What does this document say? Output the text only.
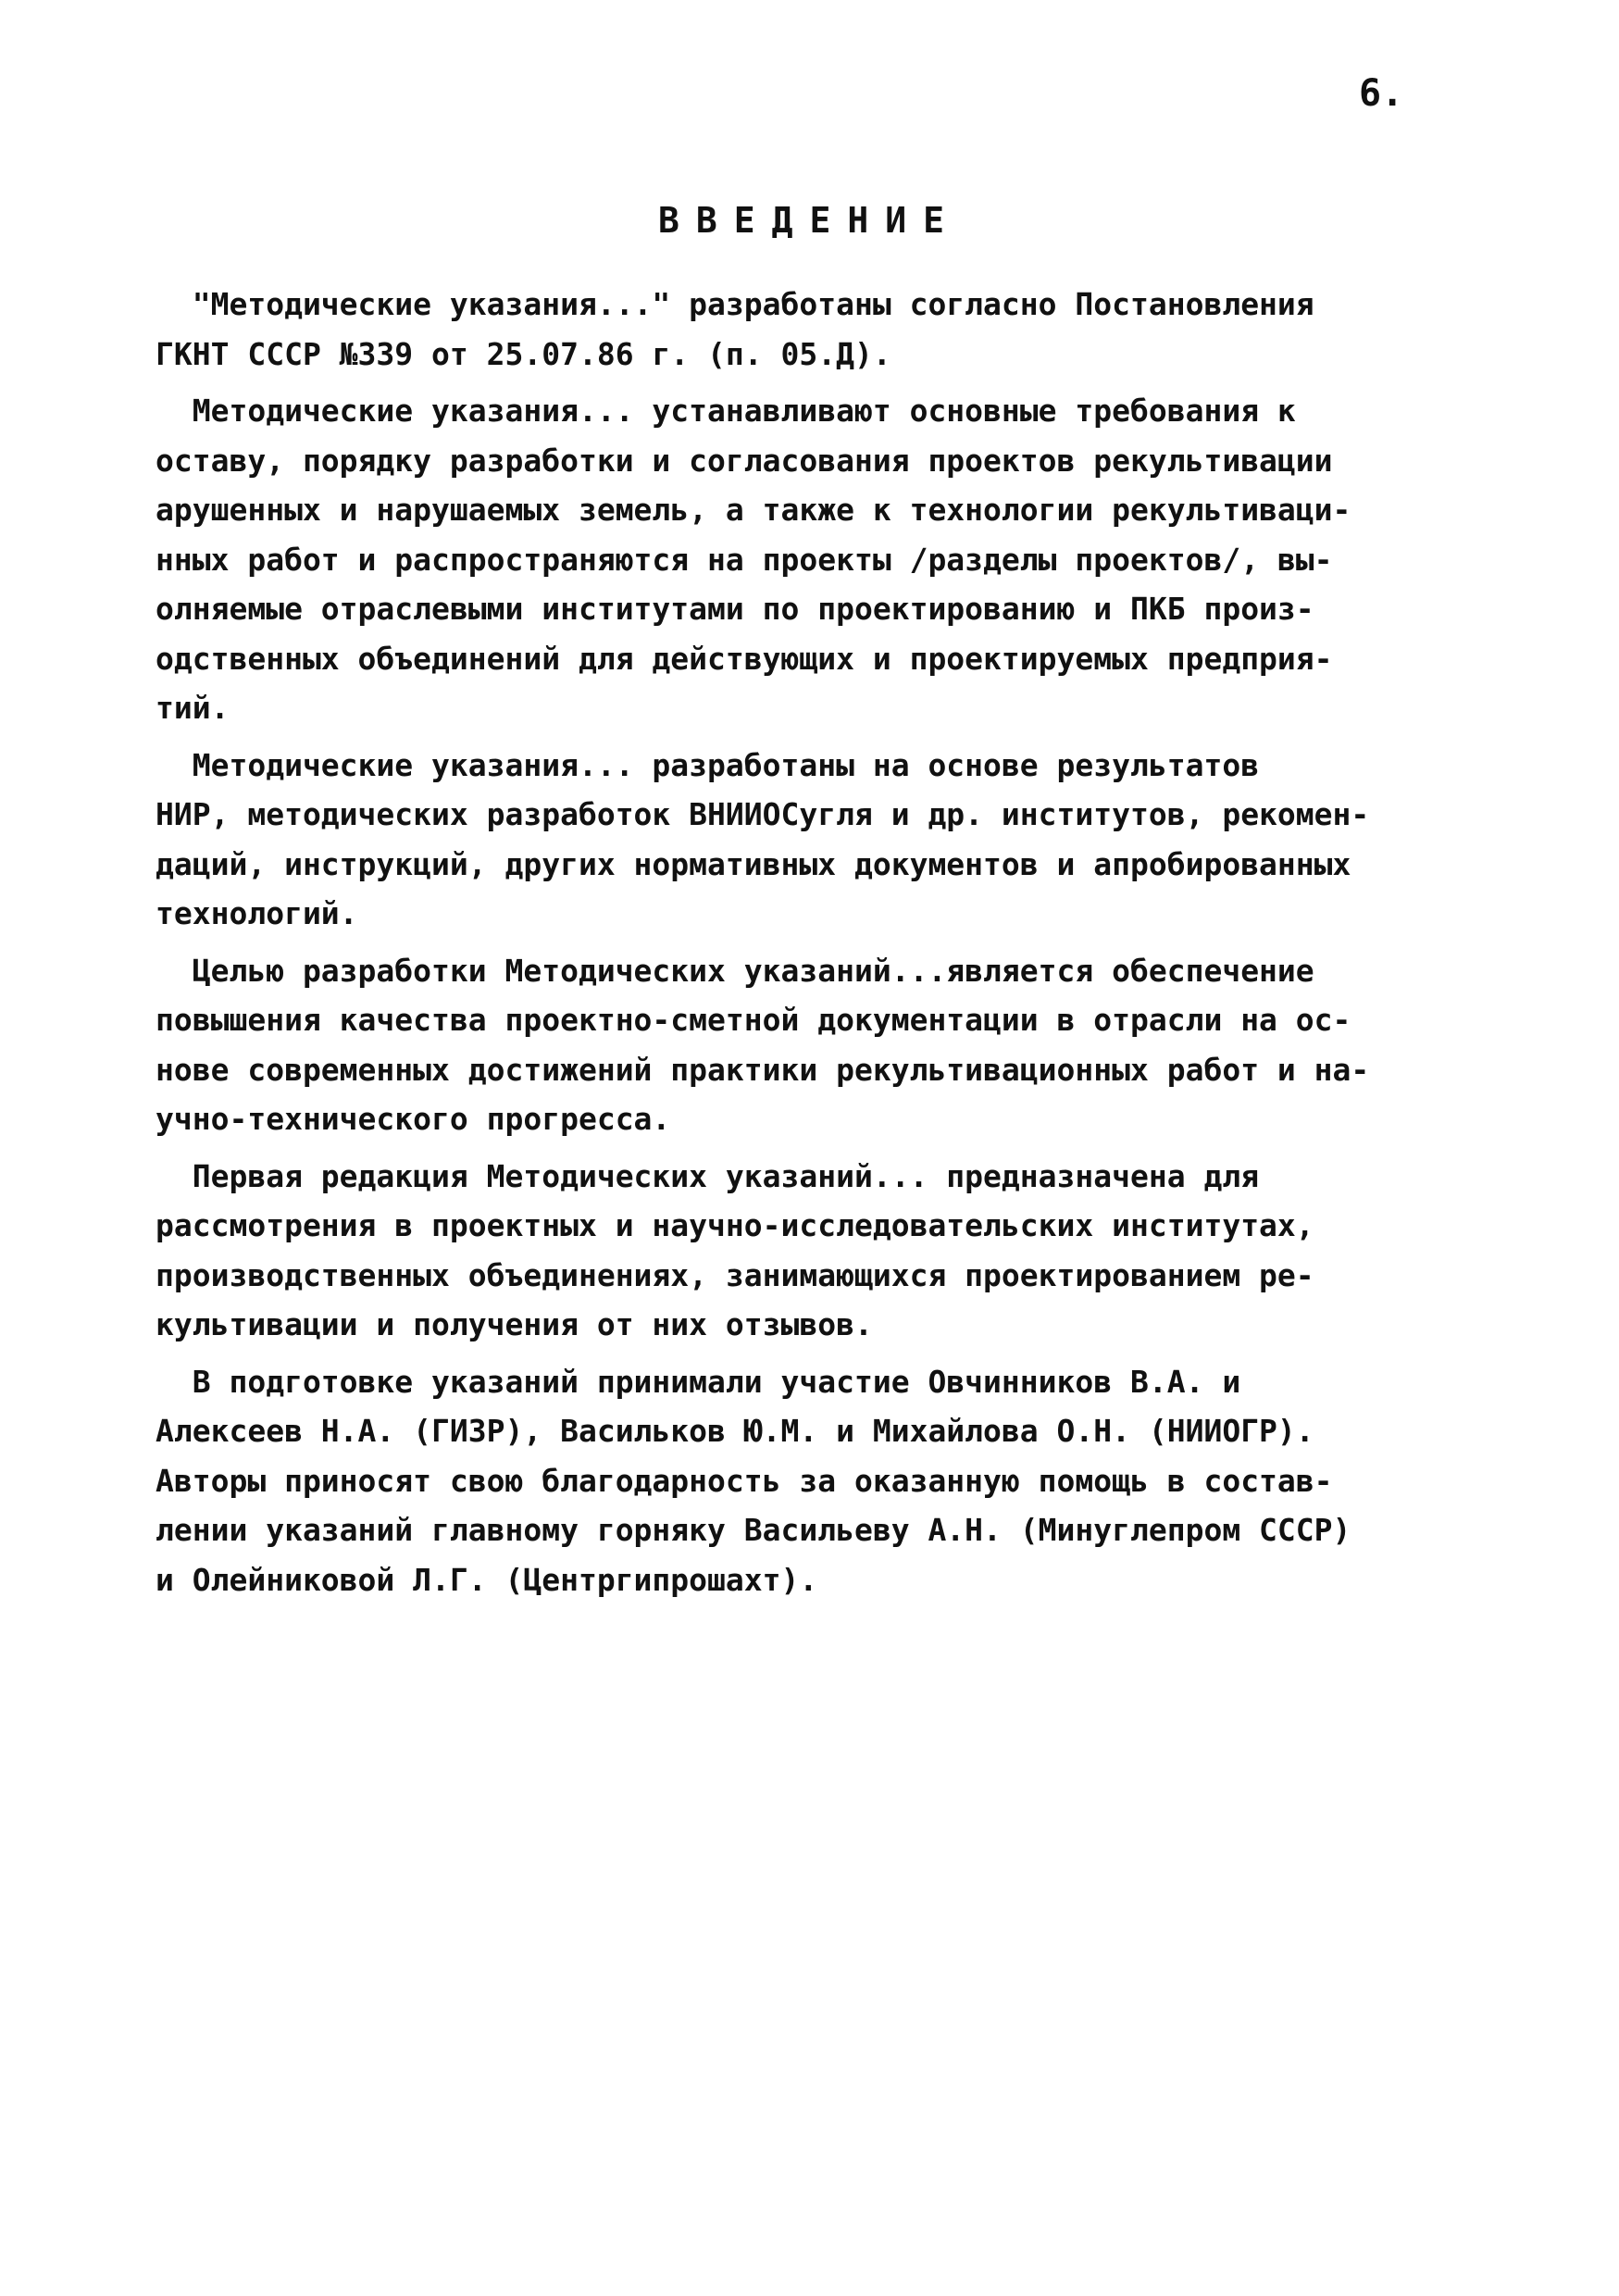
6.

ВВЕДЕНИЕ

"Методические указания..." разработаны согласно Постановления
ГКНТ СССР №339 от 25.07.86 г. (п. 05.Д).

Методические указания... устанавливают основные требования к
оставу, порядку разработки и согласования проектов рекультивации
арушенных и нарушаемых земель, а также к технологии рекультиваци-
нных работ и распространяются на проекты /разделы проектов/, вы-
олняемые отраслевыми институтами по проектированию и ПКБ произ-
одственных объединений для действующих и проектируемых предприя-
тий.

Методические указания... разработаны на основе результатов
НИР, методических разработок ВНИИОСугля и др. институтов, рекомен-
даций, инструкций, других нормативных документов и апробированных
технологий.

Целью разработки Методических указаний...является обеспечение
повышения качества проектно-сметной документации в отрасли на ос-
нове современных достижений практики рекультивационных работ и на-
учно-технического прогресса.

Первая редакция Методических указаний... предназначена для
рассмотрения в проектных и научно-исследовательских институтах,
производственных объединениях, занимающихся проектированием ре-
культивации и получения от них отзывов.

В подготовке указаний принимали участие Овчинников В.А. и
Алексеев Н.А. (ГИЗР), Васильков Ю.М. и Михайлова О.Н. (НИИОГР).
Авторы приносят свою благодарность за оказанную помощь в состав-
лении указаний главному горняку Васильеву А.Н. (Минуглепром СССР)
и Олейниковой Л.Г. (Центргипрошахт).
